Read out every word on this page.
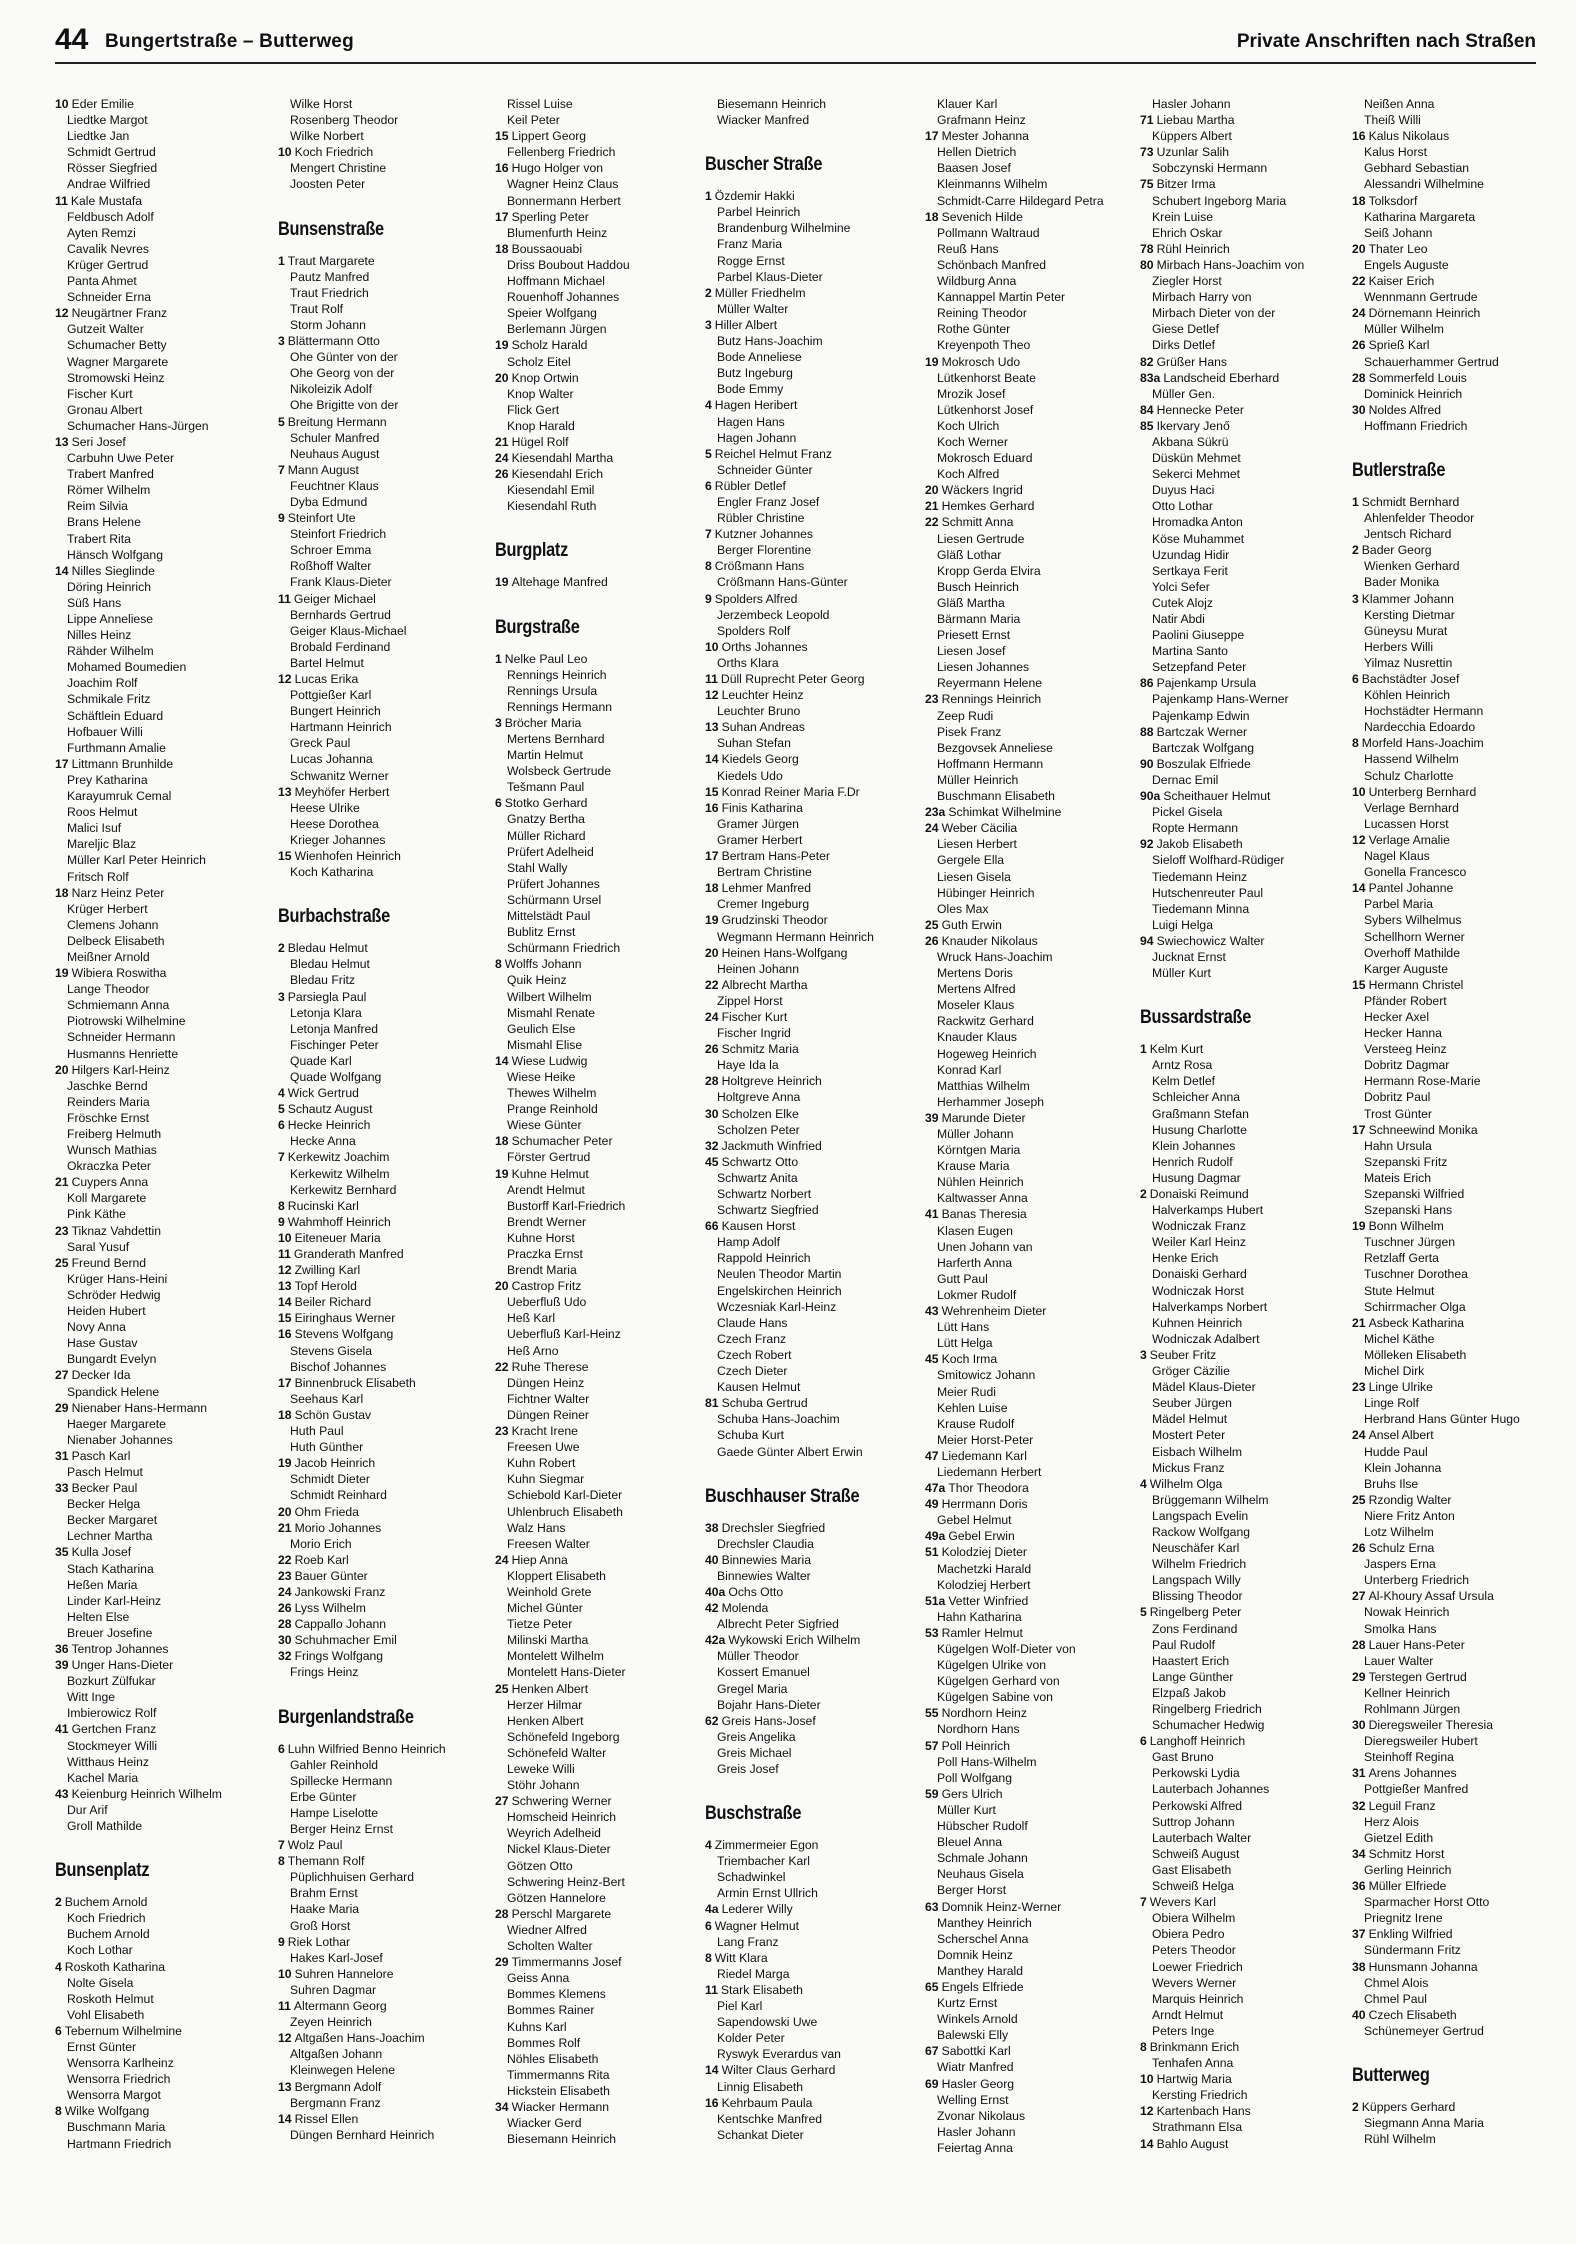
44 Bungertstraße – Butterweg	Private Anschriften nach Straßen
10 Eder Emilie
Liedtke Margot
Liedtke Jan
Schmidt Gertrud
Rösser Siegfried
Andrae Wilfried
11 Kale Mustafa
Feldbusch Adolf
Ayten Remzi
Cavalik Nevres
Krüger Gertrud
Panta Ahmet
Schneider Erna
12 Neugärtner Franz
Gutzeit Walter
Schumacher Betty
Wagner Margarete
Stromowski Heinz
Fischer Kurt
Gronau Albert
Schumacher Hans-Jürgen
13 Seri Josef
Carbuhn Uwe Peter
Trabert Manfred
Römer Wilhelm
Reim Silvia
Brans Helene
Trabert Rita
Hänsch Wolfgang
14 Nilles Sieglinde
Döring Heinrich
Süß Hans
Lippe Anneliese
Nilles Heinz
Rähder Wilhelm
Mohamed Boumedien
Joachim Rolf
Schmikale Fritz
Schäftlein Eduard
Hofbauer Willi
Furthmann Amalie
17 Littmann Brunhilde
Prey Katharina
Karayumruk Cemal
Roos Helmut
Malici Isuf
Mareljic Blaz
Müller Karl Peter Heinrich
Fritsch Rolf
18 Narz Heinz Peter
Krüger Herbert
Clemens Johann
Delbeck Elisabeth
Meißner Arnold
19 Wibiera Roswitha
Lange Theodor
Schmiemann Anna
Piotrowski Wilhelmine
Schneider Hermann
Husmanns Henriette
20 Hilgers Karl-Heinz
Jaschke Bernd
Reinders Maria
Fröschke Ernst
Freiberg Helmuth
Wunsch Mathias
Okraczka Peter
21 Cuypers Anna
Koll Margarete
Pink Käthe
23 Tiknaz Vahdettin
Saral Yusuf
25 Freund Bernd
Krüger Hans-Heini
Schröder Hedwig
Heiden Hubert
Novy Anna
Hase Gustav
Bungardt Evelyn
27 Decker Ida
Spandick Helene
29 Nienaber Hans-Hermann
Haeger Margarete
Nienaber Johannes
31 Pasch Karl
Pasch Helmut
33 Becker Paul
Becker Helga
Becker Margaret
Lechner Martha
35 Kulla Josef
Stach Katharina
Heßen Maria
Linder Karl-Heinz
Helten Else
Breuer Josefine
36 Tentrop Johannes
39 Unger Hans-Dieter
Bozkurt Zülfukar
Witt Inge
Imbierowicz Rolf
41 Gertchen Franz
Stockmeyer Willi
Witthaus Heinz
Kachel Maria
43 Keienburg Heinrich Wilhelm
Dur Arif
Groll Mathilde
Bunsenplatz
2 Buchem Arnold
Koch Friedrich
Buchem Arnold
Koch Lothar
4 Roskoth Katharina
Nolte Gisela
Roskoth Helmut
Vohl Elisabeth
6 Tebernum Wilhelmine
Ernst Günter
Wensorra Karlheinz
Wensorra Friedrich
Wensorra Margot
8 Wilke Wolfgang
Buschmann Maria
Hartmann Friedrich
Wilke Horst
Rosenberg Theodor
Wilke Norbert
10 Koch Friedrich
Mengert Christine
Joosten Peter
Bunsenstraße
1 Traut Margarete
Pautz Manfred
Traut Friedrich
Traut Rolf
Storm Johann
3 Blättermann Otto
Ohe Günter von der
Ohe Georg von der
Nikoleizik Adolf
Ohe Brigitte von der
5 Breitung Hermann
Schuler Manfred
Neuhaus August
7 Mann August
Feuchtner Klaus
Dyba Edmund
9 Steinfort Ute
Steinfort Friedrich
Schroer Emma
Roßhoff Walter
Frank Klaus-Dieter
11 Geiger Michael
Bernhards Gertrud
Geiger Klaus-Michael
Brobald Ferdinand
Bartel Helmut
12 Lucas Erika
Pottgießer Karl
Bungert Heinrich
Hartmann Heinrich
Greck Paul
Lucas Johanna
Schwanitz Werner
13 Meyhöfer Herbert
Heese Ulrike
Heese Dorothea
Krieger Johannes
15 Wienhofen Heinrich
Koch Katharina
Burbachstraße
2 Bledau Helmut
Bledau Helmut
Bledau Fritz
3 Parsiegla Paul
Letonja Klara
Letonja Manfred
Fischinger Peter
Quade Karl
Quade Wolfgang
4 Wick Gertrud
5 Schautz August
6 Hecke Heinrich
Hecke Anna
7 Kerkewitz Joachim
Kerkewitz Wilhelm
Kerkewitz Bernhard
8 Rucinski Karl
9 Wahmhoff Heinrich
10 Eiteneuer Maria
11 Granderath Manfred
12 Zwilling Karl
13 Topf Herold
14 Beiler Richard
15 Eiringhaus Werner
16 Stevens Wolfgang
Stevens Gisela
Bischof Johannes
17 Binnenbruck Elisabeth
Seehaus Karl
18 Schön Gustav
Huth Paul
Huth Günther
19 Jacob Heinrich
Schmidt Dieter
Schmidt Reinhard
20 Ohm Frieda
21 Morio Johannes
Morio Erich
22 Roeb Karl
23 Bauer Günter
24 Jankowski Franz
26 Lyss Wilhelm
28 Cappallo Johann
30 Schuhmacher Emil
32 Frings Wolfgang
Frings Heinz
Burgenlandstraße
6 Luhn Wilfried Benno Heinrich
Gahler Reinhold
Spillecke Hermann
Erbe Günter
Hampe Liselotte
Berger Heinz Ernst
7 Wolz Paul
8 Themann Rolf
Püplichhuisen Gerhard
Brahm Ernst
Haake Maria
Groß Horst
9 Riek Lothar
Hakes Karl-Josef
10 Suhren Hannelore
Suhren Dagmar
11 Altermann Georg
Zeyen Heinrich
12 Altgaßen Hans-Joachim
Altgaßen Johann
Kleinwegen Helene
13 Bergmann Adolf
Bergmann Franz
14 Rissel Ellen
Düngen Bernhard Heinrich
Rissel Luise
Keil Peter
15 Lippert Georg
Fellenberg Friedrich
16 Hugo Holger von
Wagner Heinz Claus
Bonnermann Herbert
17 Sperling Peter
Blumenfurth Heinz
18 Boussaouabi
Driss Boubout Haddou
Hoffmann Michael
Rouenhoff Johannes
Speier Wolfgang
Berlemann Jürgen
19 Scholz Harald
Scholz Eitel
20 Knop Ortwin
Knop Walter
Flick Gert
Knop Harald
21 Hügel Rolf
24 Kiesendahl Martha
26 Kiesendahl Erich
Kiesendahl Emil
Kiesendahl Ruth
Burgplatz
19 Altehage Manfred
Burgstraße
1 Nelke Paul Leo
Rennings Heinrich
Rennings Ursula
Rennings Hermann
3 Bröcher Maria
Mertens Bernhard
Martin Helmut
Wolsbeck Gertrude
Tešmann Paul
6 Stotko Gerhard
Gnatzy Bertha
Müller Richard
Prüfert Adelheid
Stahl Wally
Prüfert Johannes
Schürmann Ursel
Mittelstädt Paul
Bublitz Ernst
Schürmann Friedrich
8 Wolffs Johann
Quik Heinz
Wilbert Wilhelm
Mismahl Renate
Geulich Else
Mismahl Elise
14 Wiese Ludwig
Wiese Heike
Thewes Wilhelm
Prange Reinhold
Wiese Günter
18 Schumacher Peter
Förster Gertrud
19 Kuhne Helmut
Arendt Helmut
Bustorff Karl-Friedrich
Brendt Werner
Kuhne Horst
Praczka Ernst
Brendt Maria
20 Castrop Fritz
Ueberfluß Udo
Heß Karl
Ueberfluß Karl-Heinz
Heß Arno
22 Ruhe Therese
Düngen Heinz
Fichtner Walter
Düngen Reiner
23 Kracht Irene
Freesen Uwe
Kuhn Robert
Kuhn Siegmar
Schiebold Karl-Dieter
Uhlenbruch Elisabeth
Walz Hans
Freesen Walter
24 Hiep Anna
Kloppert Elisabeth
Weinhold Grete
Michel Günter
Tietze Peter
Milinski Martha
Montelett Wilhelm
Montelett Hans-Dieter
25 Henken Albert
Herzer Hilmar
Henken Albert
Schönefeld Ingeborg
Schönefeld Walter
Leweke Willi
Stöhr Johann
27 Schwering Werner
Homscheid Heinrich
Weyrich Adelheid
Nickel Klaus-Dieter
Götzen Otto
Schwering Heinz-Bert
Götzen Hannelore
28 Perschl Margarete
Wiedner Alfred
Scholten Walter
29 Timmermanns Josef
Geiss Anna
Bommes Klemens
Bommes Rainer
Kuhns Karl
Bommes Rolf
Nöhles Elisabeth
Timmermanns Rita
Hickstein Elisabeth
34 Wiacker Hermann
Wiacker Gerd
Biesemann Heinrich
Biesemann Heinrich
Wiacker Manfred
Buscher Straße
1 Özdemir Hakki
Parbel Heinrich
Brandenburg Wilhelmine
Franz Maria
Rogge Ernst
Parbel Klaus-Dieter
2 Müller Friedhelm
Müller Walter
3 Hiller Albert
Butz Hans-Joachim
Bode Anneliese
Butz Ingeburg
Bode Emmy
4 Hagen Heribert
Hagen Hans
Hagen Johann
5 Reichel Helmut Franz
Schneider Günter
6 Rübler Detlef
Engler Franz Josef
Rübler Christine
7 Kutzner Johannes
Berger Florentine
8 Crößmann Hans
Crößmann Hans-Günter
9 Spolders Alfred
Jerzembeck Leopold
Spolders Rolf
10 Orths Johannes
Orths Klara
11 Düll Ruprecht Peter Georg
12 Leuchter Heinz
Leuchter Bruno
13 Suhan Andreas
Suhan Stefan
14 Kiedels Georg
Kiedels Udo
15 Konrad Reiner Maria F.Dr
16 Finis Katharina
Gramer Jürgen
Gramer Herbert
17 Bertram Hans-Peter
Bertram Christine
18 Lehmer Manfred
Cremer Ingeburg
19 Grudzinski Theodor
Wegmann Hermann Heinrich
20 Heinen Hans-Wolfgang
Heinen Johann
22 Albrecht Martha
Zippel Horst
24 Fischer Kurt
Fischer Ingrid
26 Schmitz Maria
Haye Ida la
28 Holtgreve Heinrich
Holtgreve Anna
30 Scholzen Elke
Scholzen Peter
32 Jackmuth Winfried
45 Schwartz Otto
Schwartz Anita
Schwartz Norbert
Schwartz Siegfried
66 Kausen Horst
Hamp Adolf
Rappold Heinrich
Neulen Theodor Martin
Engelskirchen Heinrich
Wczesniak Karl-Heinz
Claude Hans
Czech Franz
Czech Robert
Czech Dieter
Kausen Helmut
81 Schuba Gertrud
Schuba Hans-Joachim
Schuba Kurt
Gaede Günter Albert Erwin
Buschhauser Straße
38 Drechsler Siegfried
Drechsler Claudia
40 Binnewies Maria
Binnewies Walter
40a Ochs Otto
42 Molenda
Albrecht Peter Sigfried
42a Wykowski Erich Wilhelm
Müller Theodor
Kossert Emanuel
Gregel Maria
Bojahr Hans-Dieter
62 Greis Hans-Josef
Greis Angelika
Greis Michael
Greis Josef
Buschstraße
4 Zimmermeier Egon
Triembacher Karl
Schadwinkel
Armin Ernst Ullrich
4a Lederer Willy
6 Wagner Helmut
Lang Franz
8 Witt Klara
Riedel Marga
11 Stark Elisabeth
Piel Karl
Sapendowski Uwe
Kolder Peter
Ryswyk Everardus van
14 Wilter Claus Gerhard
Linnig Elisabeth
16 Kehrbaum Paula
Kentschke Manfred
Schankat Dieter
Klauer Karl
Grafmann Heinz
17 Mester Johanna
Hellen Dietrich
Baasen Josef
Kleinmanns Wilhelm
Schmidt-Carre Hildegard Petra
18 Sevenich Hilde
Pollmann Waltraud
Reuß Hans
Schönbach Manfred
Wildburg Anna
Kannappel Martin Peter
Reining Theodor
Rothe Günter
Kreyenpoth Theo
19 Mokrosch Udo
Lütkenhorst Beate
Mrozik Josef
Lütkenhorst Josef
Koch Ulrich
Koch Werner
Mokrosch Eduard
Koch Alfred
20 Wäckers Ingrid
21 Hemkes Gerhard
22 Schmitt Anna
Liesen Gertrude
Gläß Lothar
Kropp Gerda Elvira
Busch Heinrich
Gläß Martha
Bärmann Maria
Priesett Ernst
Liesen Josef
Liesen Johannes
Reyermann Helene
23 Rennings Heinrich
Zeep Rudi
Pisek Franz
Bezgovsek Anneliese
Hoffmann Hermann
Müller Heinrich
Buschmann Elisabeth
23a Schimkat Wilhelmine
24 Weber Cäcilia
Liesen Herbert
Gergele Ella
Liesen Gisela
Hübinger Heinrich
Oles Max
25 Guth Erwin
26 Knauder Nikolaus
Wruck Hans-Joachim
Mertens Doris
Mertens Alfred
Moseler Klaus
Rackwitz Gerhard
Knauder Klaus
Hogeweg Heinrich
Konrad Karl
Matthias Wilhelm
Herhammer Joseph
39 Marunde Dieter
Müller Johann
Körntgen Maria
Krause Maria
Nühlen Heinrich
Kaltwasser Anna
41 Banas Theresia
Klasen Eugen
Unen Johann van
Harferth Anna
Gutt Paul
Lokmer Rudolf
43 Wehrenheim Dieter
Lütt Hans
Lütt Helga
45 Koch Irma
Smitowicz Johann
Meier Rudi
Kehlen Luise
Krause Rudolf
Meier Horst-Peter
47 Liedemann Karl
Liedemann Herbert
47a Thor Theodora
49 Herrmann Doris
Gebel Helmut
49a Gebel Erwin
51 Kolodziej Dieter
Machetzki Harald
Kolodziej Herbert
51a Vetter Winfried
Hahn Katharina
53 Ramler Helmut
Kügelgen Wolf-Dieter von
Kügelgen Ulrike von
Kügelgen Gerhard von
Kügelgen Sabine von
55 Nordhorn Heinz
Nordhorn Hans
57 Poll Heinrich
Poll Hans-Wilhelm
Poll Wolfgang
59 Gers Ulrich
Müller Kurt
Hübscher Rudolf
Bleuel Anna
Schmale Johann
Neuhaus Gisela
Berger Horst
63 Domnik Heinz-Werner
Manthey Heinrich
Scherschel Anna
Domnik Heinz
Manthey Harald
65 Engels Elfriede
Kurtz Ernst
Winkels Arnold
Balewski Elly
67 Sabottki Karl
Wiatr Manfred
69 Hasler Georg
Welling Ernst
Zvonar Nikolaus
Hasler Johann
Feiertag Anna
Hasler Johann
71 Liebau Martha
Küppers Albert
73 Uzunlar Salih
Sobczynski Hermann
75 Bitzer Irma
Schubert Ingeborg Maria
Krein Luise
Ehrich Oskar
78 Rühl Heinrich
80 Mirbach Hans-Joachim von
Ziegler Horst
Mirbach Harry von
Mirbach Dieter von der
Giese Detlef
Dirks Detlef
82 Grüßer Hans
83a Landscheid Eberhard
Müller Gen.
84 Hennecke Peter
85 Ikervary Jenő
Akbana Sükrü
Düskün Mehmet
Sekerci Mehmet
Duyus Haci
Otto Lothar
Hromadka Anton
Köse Muhammet
Uzundag Hidir
Sertkaya Ferit
Yolci Sefer
Cutek Alojz
Natir Abdi
Paolini Giuseppe
Martina Santo
Setzepfand Peter
86 Pajenkamp Ursula
Pajenkamp Hans-Werner
Pajenkamp Edwin
88 Bartczak Werner
Bartczak Wolfgang
90 Boszulak Elfriede
Dernac Emil
90a Scheithauer Helmut
Pickel Gisela
Ropte Hermann
92 Jakob Elisabeth
Sieloff Wolfhard-Rüdiger
Tiedemann Heinz
Hutschenreuter Paul
Tiedemann Minna
Luigi Helga
94 Swiechowicz Walter
Jucknat Ernst
Müller Kurt
Bussardstraße
1 Kelm Kurt
Arntz Rosa
Kelm Detlef
Schleicher Anna
Graßmann Stefan
Husung Charlotte
Klein Johannes
Henrich Rudolf
Husung Dagmar
2 Donaiski Reimund
Halverkamps Hubert
Wodniczak Franz
Weiler Karl Heinz
Henke Erich
Donaiski Gerhard
Wodniczak Horst
Halverkamps Norbert
Kuhnen Heinrich
Wodniczak Adalbert
3 Seuber Fritz
Gröger Cäzilie
Mädel Klaus-Dieter
Seuber Jürgen
Mädel Helmut
Mostert Peter
Eisbach Wilhelm
Mickus Franz
4 Wilhelm Olga
Brüggemann Wilhelm
Langspach Evelin
Rackow Wolfgang
Neuschäfer Karl
Wilhelm Friedrich
Langspach Willy
Blissing Theodor
5 Ringelberg Peter
Zons Ferdinand
Paul Rudolf
Haastert Erich
Lange Günther
Elzpaß Jakob
Ringelberg Friedrich
Schumacher Hedwig
6 Langhoff Heinrich
Gast Bruno
Perkowski Lydia
Lauterbach Johannes
Perkowski Alfred
Suttrop Johann
Lauterbach Walter
Schweiß August
Gast Elisabeth
Schweiß Helga
7 Wevers Karl
Obiera Wilhelm
Obiera Pedro
Peters Theodor
Loewer Friedrich
Wevers Werner
Marquis Heinrich
Arndt Helmut
Peters Inge
8 Brinkmann Erich
Tenhafen Anna
10 Hartwig Maria
Kersting Friedrich
12 Kartenbach Hans
Strathmann Elsa
14 Bahlo August
Neißen Anna
Theiß Willi
16 Kalus Nikolaus
Kalus Horst
Gebhard Sebastian
Alessandri Wilhelmine
18 Tolksdorf
Katharina Margareta
Seiß Johann
20 Thater Leo
Engels Auguste
22 Kaiser Erich
Wennmann Gertrude
24 Dörnemann Heinrich
Müller Wilhelm
26 Sprieß Karl
Schauerhammer Gertrud
28 Sommerfeld Louis
Dominick Heinrich
30 Noldes Alfred
Hoffmann Friedrich
Butlerstraße
1 Schmidt Bernhard
Ahlenfelder Theodor
Jentsch Richard
2 Bader Georg
Wienken Gerhard
Bader Monika
3 Klammer Johann
Kersting Dietmar
Güneysu Murat
Herbers Willi
Yilmaz Nusrettin
6 Bachstädter Josef
Köhlen Heinrich
Hochstädter Hermann
Nardecchia Edoardo
8 Morfeld Hans-Joachim
Hassend Wilhelm
Schulz Charlotte
10 Unterberg Bernhard
Verlage Bernhard
Lucassen Horst
12 Verlage Amalie
Nagel Klaus
Gonella Francesco
14 Pantel Johanne
Parbel Maria
Sybers Wilhelmus
Schellhorn Werner
Overhoff Mathilde
Karger Auguste
15 Hermann Christel
Pfänder Robert
Hecker Axel
Hecker Hanna
Versteeg Heinz
Dobritz Dagmar
Hermann Rose-Marie
Dobritz Paul
Trost Günter
17 Schneewind Monika
Hahn Ursula
Szepanski Fritz
Mateis Erich
Szepanski Wilfried
Szepanski Hans
19 Bonn Wilhelm
Tuschner Jürgen
Retzlaff Gerta
Tuschner Dorothea
Stute Helmut
Schirrmacher Olga
21 Asbeck Katharina
Michel Käthe
Mölleken Elisabeth
Michel Dirk
23 Linge Ulrike
Linge Rolf
Herbrand Hans Günter Hugo
24 Ansel Albert
Hudde Paul
Klein Johanna
Bruhs Ilse
25 Rzondig Walter
Niere Fritz Anton
Lotz Wilhelm
26 Schulz Erna
Jaspers Erna
Unterberg Friedrich
27 Al-Khoury Assaf Ursula
Nowak Heinrich
Smolka Hans
28 Lauer Hans-Peter
Lauer Walter
29 Terstegen Gertrud
Kellner Heinrich
Rohlmann Jürgen
30 Dieregsweiler Theresia
Dieregsweiler Hubert
Steinhoff Regina
31 Arens Johannes
Pottgießer Manfred
32 Leguil Franz
Herz Alois
Gietzel Edith
34 Schmitz Horst
Gerling Heinrich
36 Müller Elfriede
Sparmacher Horst Otto
Priegnitz Irene
37 Enkling Wilfried
Sündermann Fritz
38 Hunsmann Johanna
Chmel Alois
Chmel Paul
40 Czech Elisabeth
Schünemeyer Gertrud
Butterweg
2 Küppers Gerhard
Siegmann Anna Maria
Rühl Wilhelm
